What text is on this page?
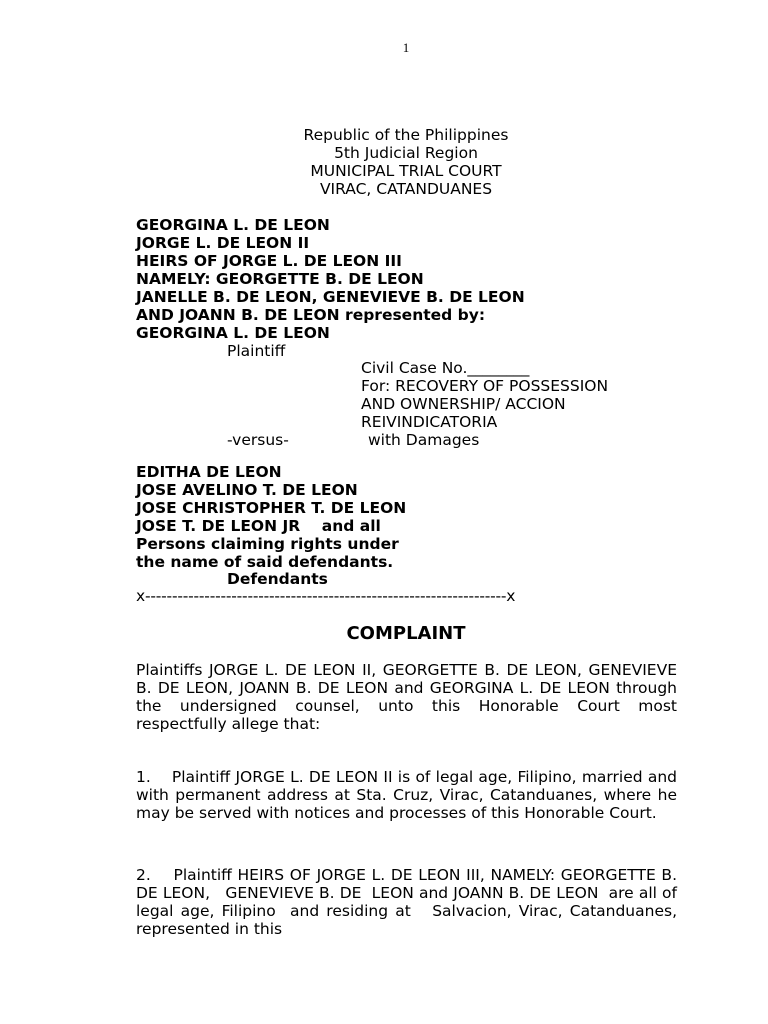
1
Republic of the Philippines
5th Judicial Region
MUNICIPAL TRIAL COURT
VIRAC, CATANDUANES
GEORGINA L. DE LEON
JORGE L. DE LEON II
HEIRS OF JORGE L. DE LEON III
NAMELY: GEORGETTE B. DE LEON
JANELLE B. DE LEON, GENEVIEVE B. DE LEON
AND JOANN B. DE LEON represented by:
GEORGINA L. DE LEON
Plaintiff
Civil Case No.________
For: RECOVERY OF POSSESSION
AND OWNERSHIP/ ACCION
REIVINDICATORIA
-versus-	with Damages
EDITHA DE LEON
JOSE AVELINO T. DE LEON
JOSE CHRISTOPHER T. DE LEON
JOSE T. DE LEON JR    and all
Persons claiming rights under
the name of said defendants.
Defendants
x-------------------------------------------------------------------x
COMPLAINT

Plaintiffs JORGE L. DE LEON II, GEORGETTE B. DE LEON, GENEVIEVE B. DE LEON, JOANN B. DE LEON and GEORGINA L. DE LEON through the undersigned counsel, unto this Honorable Court most respectfully allege that:

1.    Plaintiff JORGE L. DE LEON II is of legal age, Filipino, married and with permanent address at Sta. Cruz, Virac, Catanduanes, where he may be served with notices and processes of this Honorable Court.

2.    Plaintiff HEIRS OF JORGE L. DE LEON III, NAMELY: GEORGETTE B. DE LEON,   GENEVIEVE B. DE  LEON and JOANN B. DE LEON  are all of legal age, Filipino  and residing at   Salvacion, Virac, Catanduanes, represented in this
